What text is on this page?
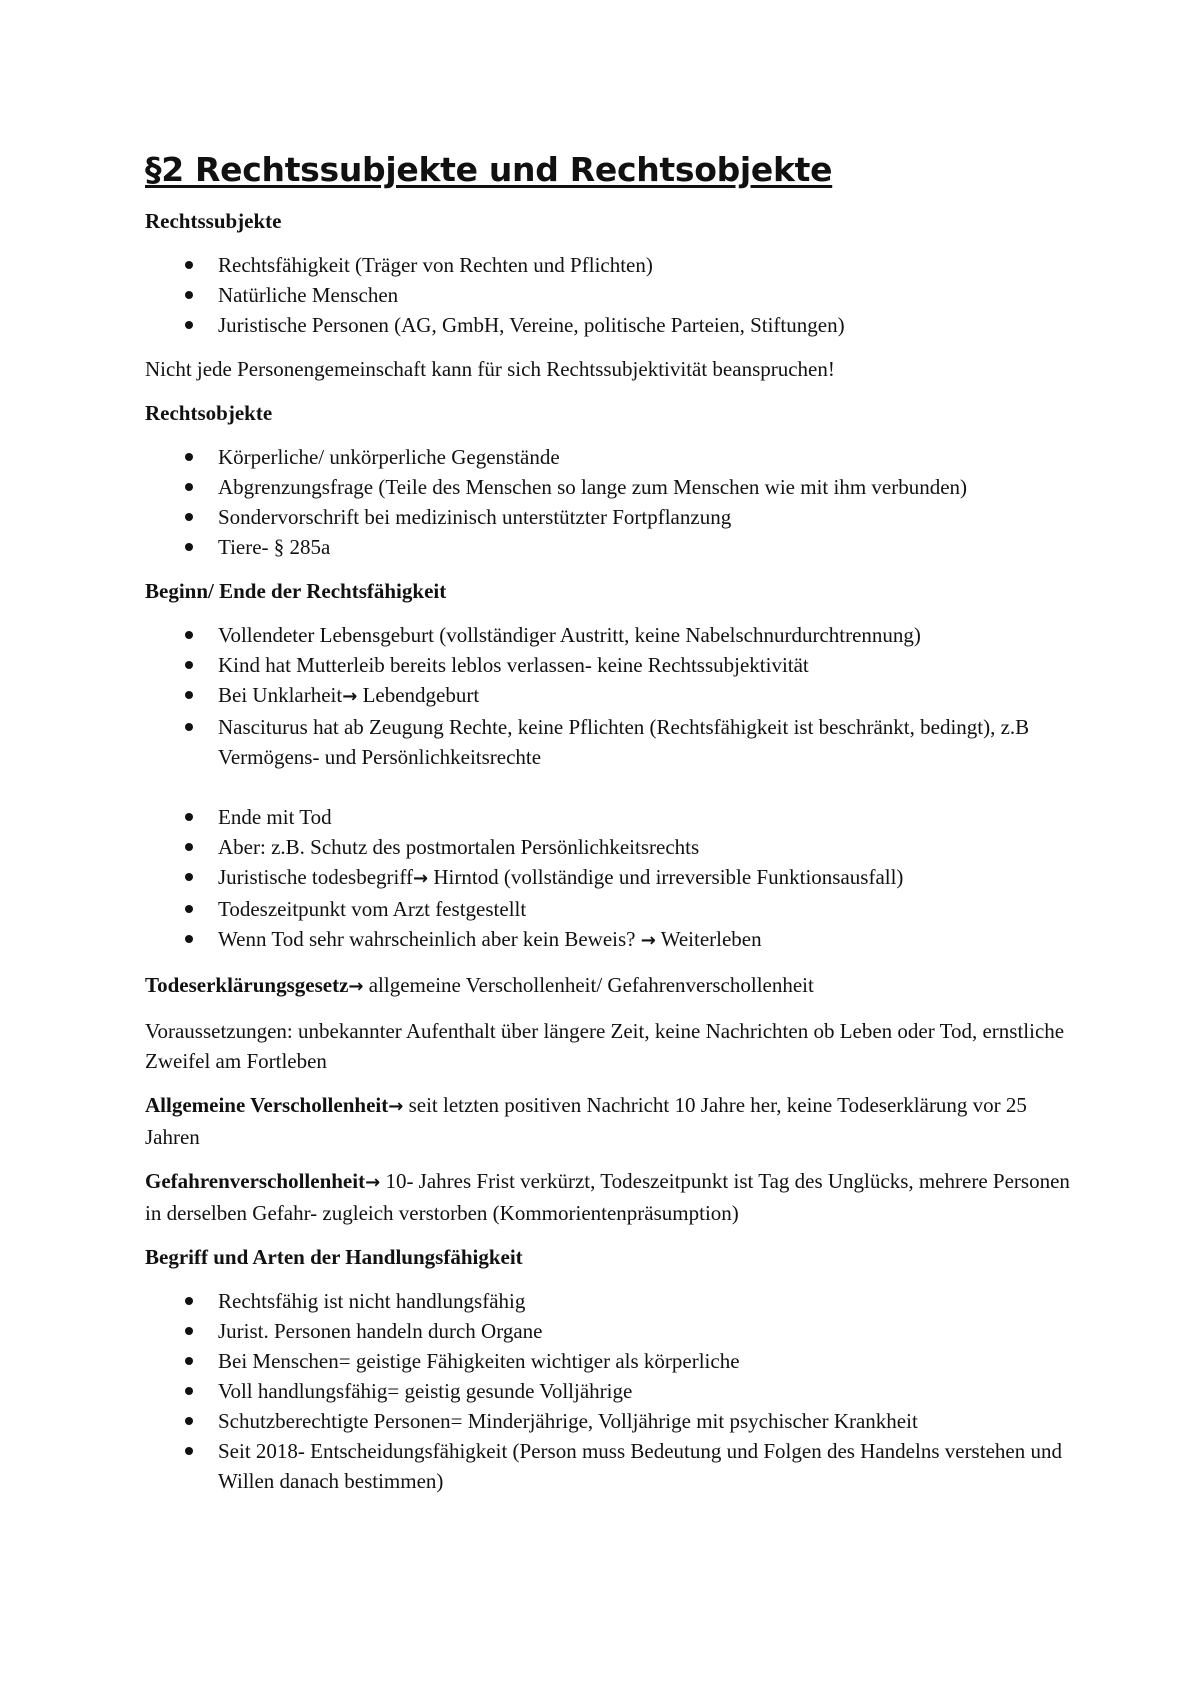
§2 Rechtssubjekte und Rechtsobjekte
Rechtssubjekte
Rechtsfähigkeit (Träger von Rechten und Pflichten)
Natürliche Menschen
Juristische Personen (AG, GmbH, Vereine, politische Parteien, Stiftungen)

Nicht jede Personengemeinschaft kann für sich Rechtssubjektivität beanspruchen!

Rechtsobjekte
Körperliche/ unkörperliche Gegenstände
Abgrenzungsfrage (Teile des Menschen so lange zum Menschen wie mit ihm verbunden)
Sondervorschrift bei medizinisch unterstützter Fortpflanzung
Tiere- § 285a
Beginn/ Ende der Rechtsfähigkeit
Vollendeter Lebensgeburt (vollständiger Austritt, keine Nabelschnurdurchtrennung)
Kind hat Mutterleib bereits leblos verlassen- keine Rechtssubjektivität
Bei Unklarheit→ Lebendgeburt
Nasciturus hat ab Zeugung Rechte, keine Pflichten (Rechtsfähigkeit ist beschränkt, bedingt), z.B Vermögens- und Persönlichkeitsrechte
Ende mit Tod
Aber: z.B. Schutz des postmortalen Persönlichkeitsrechts
Juristische todesbegriff→ Hirntod (vollständige und irreversible Funktionsausfall)
Todeszeitpunkt vom Arzt festgestellt
Wenn Tod sehr wahrscheinlich aber kein Beweis? → Weiterleben

Todeserklärungsgesetz→ allgemeine Verschollenheit/ Gefahrenverschollenheit

Voraussetzungen: unbekannter Aufenthalt über längere Zeit, keine Nachrichten ob Leben oder Tod, ernstliche Zweifel am Fortleben

Allgemeine Verschollenheit→ seit letzten positiven Nachricht 10 Jahre her, keine Todeserklärung vor 25 Jahren

Gefahrenverschollenheit→ 10- Jahres Frist verkürzt, Todeszeitpunkt ist Tag des Unglücks, mehrere Personen in derselben Gefahr- zugleich verstorben (Kommorientenpräsumption)

Begriff und Arten der Handlungsfähigkeit
Rechtsfähig ist nicht handlungsfähig
Jurist. Personen handeln durch Organe
Bei Menschen= geistige Fähigkeiten wichtiger als körperliche
Voll handlungsfähig= geistig gesunde Volljährige
Schutzberechtigte Personen= Minderjährige, Volljährige mit psychischer Krankheit
Seit 2018- Entscheidungsfähigkeit (Person muss Bedeutung und Folgen des Handelns verstehen und Willen danach bestimmen)
